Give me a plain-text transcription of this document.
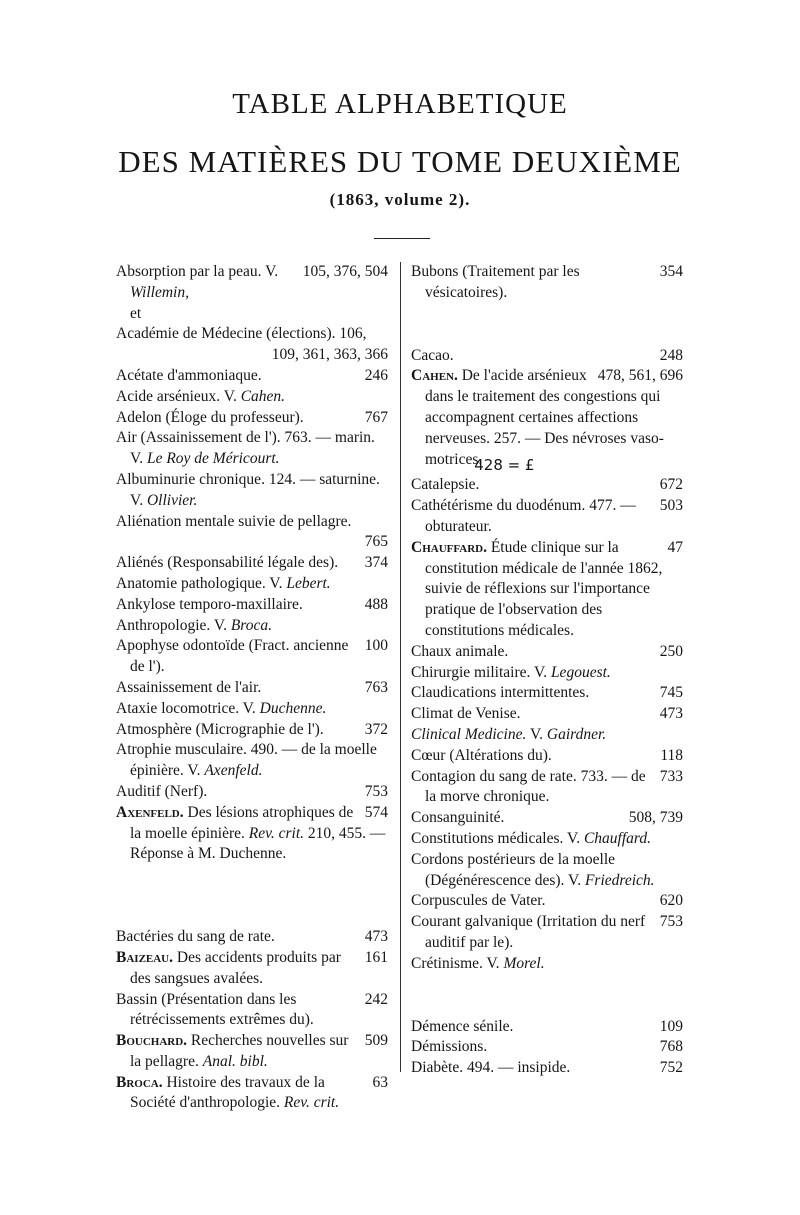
TABLE ALPHABETIQUE
DES MATIÈRES DU TOME DEUXIÈME
(1863, volume 2).
105, 376, 504
Absorption par la peau. V. Willemin,
et
Académie de Médecine (élections). 106,
109, 361, 363, 366
246
Acétate d'ammoniaque.
Acide arsénieux. V. Cahen.
767
Adelon (Éloge du professeur).
Air (Assainissement de l'). 763. — marin. V. Le Roy de Méricourt.
Albuminurie chronique. 124. — saturnine. V. Ollivier.
Aliénation mentale suivie de pellagre.
765
374
Aliénés (Responsabilité légale des).
Anatomie pathologique. V. Lebert.
488
Ankylose temporo-maxillaire.
Anthropologie. V. Broca.
100
Apophyse odontoïde (Fract. ancienne de l').
763
Assainissement de l'air.
Ataxie locomotrice. V. Duchenne.
372
Atmosphère (Micrographie de l').
Atrophie musculaire. 490. — de la moelle épinière. V. Axenfeld.
753
Auditif (Nerf).
574
Axenfeld. Des lésions atrophiques de la moelle épinière. Rev. crit. 210, 455. — Réponse à M. Duchenne.
473
Bactéries du sang de rate.
161
Baizeau. Des accidents produits par des sangsues avalées.
242
Bassin (Présentation dans les rétrécissements extrêmes du).
509
Bouchard. Recherches nouvelles sur la pellagre. Anal. bibl.
63
Broca. Histoire des travaux de la Société d'anthropologie. Rev. crit.
354
Bubons (Traitement par les vésicatoires).
248
Cacao.
478, 561, 696
Cahen. De l'acide arsénieux dans le traitement des congestions qui accompagnent certaines affections nerveuses. 257. — Des névroses vaso-motrices.428 = £
672
Catalepsie.
503
Cathétérisme du duodénum. 477. — obturateur.
47
Chauffard. Étude clinique sur la constitution médicale de l'année 1862, suivie de réflexions sur l'importance pratique de l'observation des constitutions médicales.
250
Chaux animale.
Chirurgie militaire. V. Legouest.
745
Claudications intermittentes.
473
Climat de Venise.
Clinical Medicine. V. Gairdner.
118
Cœur (Altérations du).
733
Contagion du sang de rate. 733. — de la morve chronique.
508, 739
Consanguinité.
Constitutions médicales. V. Chauffard.
Cordons postérieurs de la moelle (Dégénérescence des). V. Friedreich.
620
Corpuscules de Vater.
753
Courant galvanique (Irritation du nerf auditif par le).
Crétinisme. V. Morel.
109
Démence sénile.
768
Démissions.
752
Diabète. 494. — insipide.
